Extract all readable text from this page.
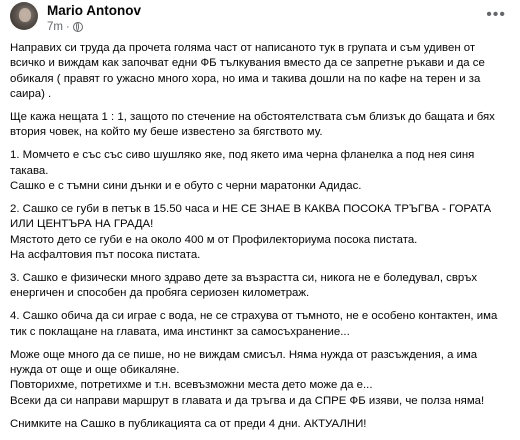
Mario Antonov
7m ·
•••

Направих си труда да прочета голяма част от написаното тук в групата и съм удивен от всичко и виждам как започват едни ФБ тълкувания вместо да се запретне ръкави и да се обикаля ( правят го ужасно много хора, но има и такива дошли на по кафе на терен и за саира) .

Ще кажа нещата 1 : 1, защото по стечение на обстоятелствата съм близък до бащата и бях втория човек, на който му беше известено за бягството му.

1. Момчето е със със сиво шушляко яке, под якето има черна фланелка а под нея синя такава.
Сашко е с тъмни сини дънки и е обуто с черни маратонки Адидас.

2. Сашко се губи в петък в 15.50 часа и НЕ СЕ ЗНАЕ В КАКВА ПОСОКА ТРЪГВА - ГОРАТА ИЛИ ЦЕНТЪРА НА ГРАДА!
Мястото дето се губи е на около 400 м от Профилекториума посока пистата.
На асфалтовия път посока пистата.

3. Сашко е физически много здраво дете за възрастта си, никога не е боледувал, свръх енергичен и способен да пробяга сериозен километраж.

4. Сашко обича да си играе с вода, не се страхува от тъмното, не е особено контактен, има тик с поклащане на главата, има инстинкт за самосъхранение...

Може още много да се пише, но не виждам смисъл. Няма нужда от разсъждения, а има нужда от още и още обикаляне.
Повторихме, потретихме и т.н. всевъзможни места дето може да е...
Всеки да си направи маршрут в главата и да тръгва и да СПРЕ ФБ изяви, че полза няма!

Снимките на Сашко в публикацията са от преди 4 дни. АКТУАЛНИ!
